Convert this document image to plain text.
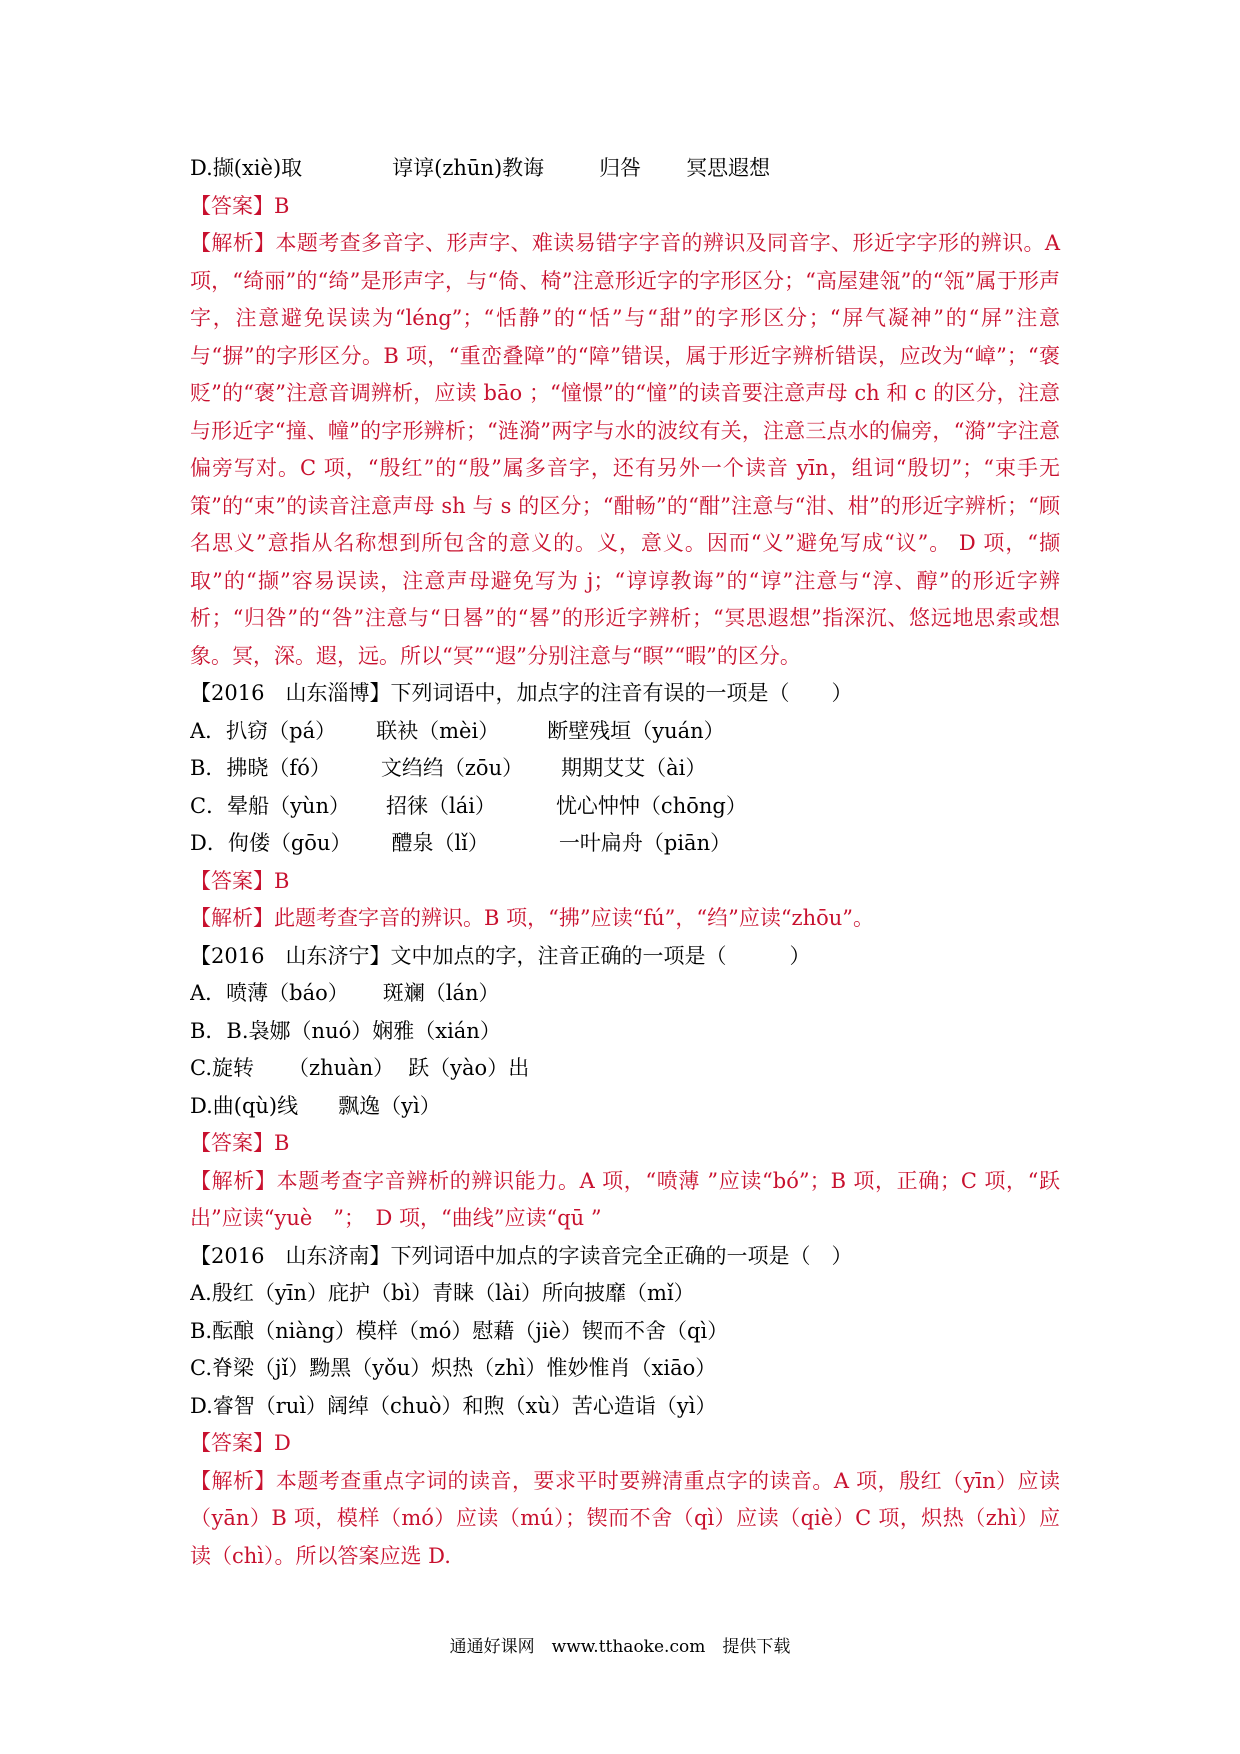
D.撷(xiè)取	谆谆(zhūn)教诲	归咎 冥思遐想
【答案】B
【解析】本题考查多音字、形声字、难读易错字字音的辨识及同音字、形近字字形的辨识。A 项，“绮丽”的“绮”是形声字，与“倚、椅”注意形近字的字形区分；“高屋建瓴”的“瓴”属于形声字，注意避免误读为“léng”；“恬静”的“恬”与“甜”的字形区分；“屏气凝神”的“屏”注意与“摒”的字形区分。B 项，“重峦叠障”的“障”错误，属于形近字辨析错误，应改为“嶂”；“褒贬”的“褒”注意音调辨析，应读 bāo ；“憧憬”的“憧”的读音要注意声母 ch 和 c 的区分，注意与形近字“撞、幢”的字形辨析；“涟漪”两字与水的波纹有关，注意三点水的偏旁，“漪”字注意偏旁写对。C 项，“殷红”的“殷”属多音字，还有另外一个读音 yīn，组词“殷切”；“束手无策”的“束”的读音注意声母 sh 与 s 的区分；“酣畅”的“酣”注意与“泔、柑”的形近字辨析；“顾名思义”意指从名称想到所包含的意义的。义，意义。因而“义”避免写成“议”。 D 项，“撷取”的“撷”容易误读，注意声母避免写为 j；“谆谆教诲”的“谆”注意与“淳、醇”的形近字辨析；“归咎”的“咎”注意与“日晷”的“晷”的形近字辨析；“冥思遐想”指深沉、悠远地思索或想象。冥，深。遐，远。所以“冥”“遐”分别注意与“瞑”“暇”的区分。
【2016　山东淄博】下列词语中，加点字的注音有误的一项是（　　）
A．扒窃（pá） 联袂（mèi） 断壁残垣（yuán）
B．拂晓（fó） 文绉绉（zōu） 期期艾艾（ài）
C．晕船（yùn） 招徕（lái）	忧心忡忡（chōng）
D．佝偻（gōu） 醴泉（lǐ）	一叶扁舟（piān）
【答案】B
【解析】此题考查字音的辨识。B 项，“拂”应读“fú”，“绉”应读“zhōu”。
【2016　山东济宁】文中加点的字，注音正确的一项是（　　　）
A．喷薄（báo） 斑斓（lán）
B．B.袅娜（nuó）娴雅（xián）
C.旋转 （zhuàn） 跃（yào）出
D.曲(qù)线 飘逸（yì）
【答案】B
【解析】本题考查字音辨析的辨识能力。A 项，“喷薄 ”应读“bó”；B 项，正确；C 项，“跃出”应读“yuè　”；　D 项，“曲线”应读“qū ”
【2016　山东济南】下列词语中加点的字读音完全正确的一项是（　）
A.殷红（yīn）庇护（bì）青睐（lài）所向披靡（mǐ）
B.酝酿（niàng）模样（mó）慰藉（jiè）锲而不舍（qì）
C.脊梁（jǐ）黝黑（yǒu）炽热（zhì）惟妙惟肖（xiāo）
D.睿智（ruì）阔绰（chuò）和煦（xù）苦心造诣（yì）
【答案】D
【解析】本题考查重点字词的读音，要求平时要辨清重点字的读音。A 项，殷红（yīn）应读（yān）B 项，模样（mó）应读（mú）；锲而不舍（qì）应读（qiè）C 项，炽热（zhì）应读（chì）。所以答案应选 D.
通通好课网　www.tthaoke.com　提供下载
